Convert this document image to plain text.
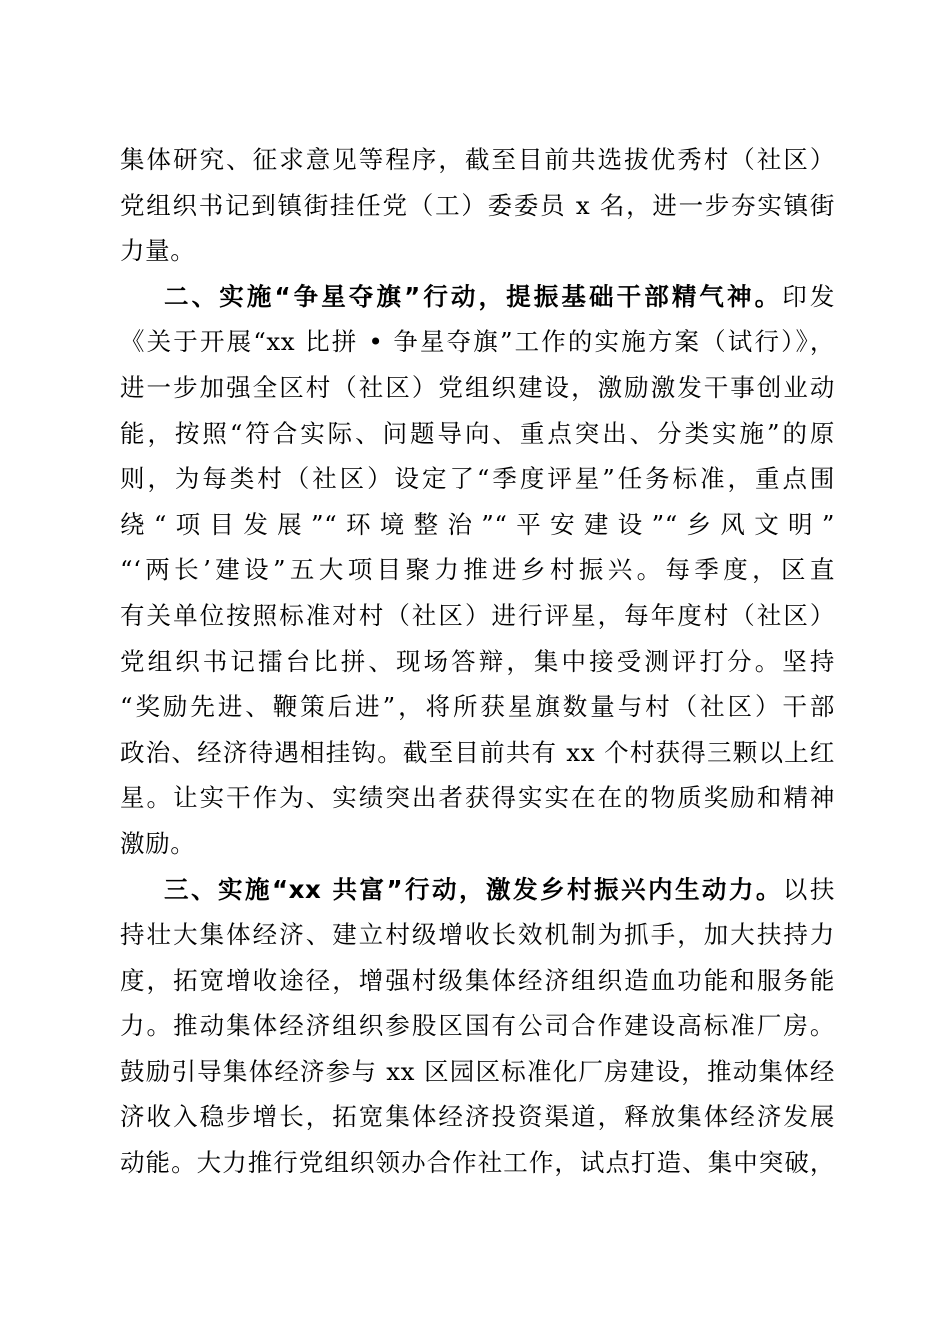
集体研究、征求意见等程序，截至目前共选拔优秀村（社区）
党组织书记到镇街挂任党（工）委委员 x 名，进一步夯实镇街
力量。
二、实施“争星夺旗”行动，提振基础干部精气神。印发
《关于开展“xx 比拼 • 争星夺旗”工作的实施方案（试行）》，
进一步加强全区村（社区）党组织建设，激励激发干事创业动
能，按照“符合实际、问题导向、重点突出、分类实施”的原
则，为每类村（社区）设定了“季度评星”任务标准，重点围
绕“项目发展”“环境整治”“平安建设”“乡风文明”
“‘两长’建设”五大项目聚力推进乡村振兴。每季度，区直
有关单位按照标准对村（社区）进行评星，每年度村（社区）
党组织书记擂台比拼、现场答辩，集中接受测评打分。坚持
“奖励先进、鞭策后进”，将所获星旗数量与村（社区）干部
政治、经济待遇相挂钩。截至目前共有 xx 个村获得三颗以上红
星。让实干作为、实绩突出者获得实实在在的物质奖励和精神
激励。
三、实施“xx 共富”行动，激发乡村振兴内生动力。以扶
持壮大集体经济、建立村级增收长效机制为抓手，加大扶持力
度，拓宽增收途径，增强村级集体经济组织造血功能和服务能
力。推动集体经济组织参股区国有公司合作建设高标准厂房。
鼓励引导集体经济参与 xx 区园区标准化厂房建设，推动集体经
济收入稳步增长，拓宽集体经济投资渠道，释放集体经济发展
动能。大力推行党组织领办合作社工作，试点打造、集中突破，
